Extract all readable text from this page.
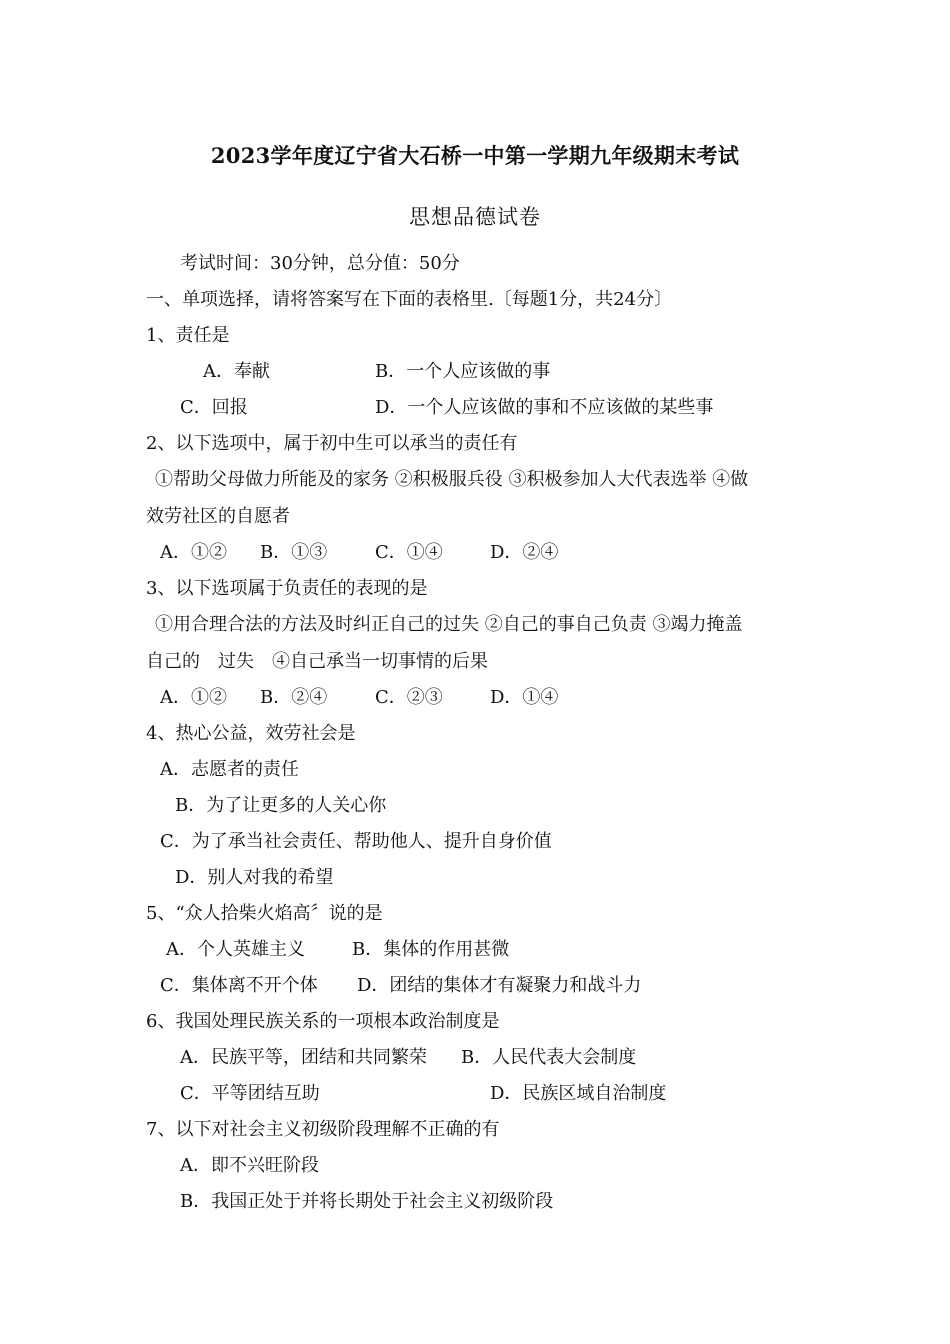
2023学年度辽宁省大石桥一中第一学期九年级期末考试
思想品德试卷
考试时间：30分钟，总分值：50分
一、单项选择，请将答案写在下面的表格里.〔每题1分，共24分〕
1、责任是
A．奉献	B．一个人应该做的事
C．回报	D．一个人应该做的事和不应该做的某些事
2、以下选项中，属于初中生可以承当的责任有
①帮助父母做力所能及的家务 ②积极服兵役 ③积极参加人大代表选举 ④做
效劳社区的自愿者
A．①② B．①③	C．①④	D．②④
3、以下选项属于负责任的表现的是
①用合理合法的方法及时纠正自己的过失 ②自己的事自己负责 ③竭力掩盖
自己的　过失　④自己承当一切事情的后果
A．①② B．②④	C．②③	D．①④
4、热心公益，效劳社会是
A．志愿者的责任
B．为了让更多的人关心你
C．为了承当社会责任、帮助他人、提升自身价值
D．别人对我的希望
5、“众人拾柴火焰高〞说的是
A．个人英雄主义	B．集体的作用甚微
C．集体离不开个体 D．团结的集体才有凝聚力和战斗力
6、我国处理民族关系的一项根本政治制度是
A．民族平等，团结和共同繁荣 B．人民代表大会制度
C．平等团结互助	D．民族区域自治制度
7、以下对社会主义初级阶段理解不正确的有
A．即不兴旺阶段
B．我国正处于并将长期处于社会主义初级阶段
